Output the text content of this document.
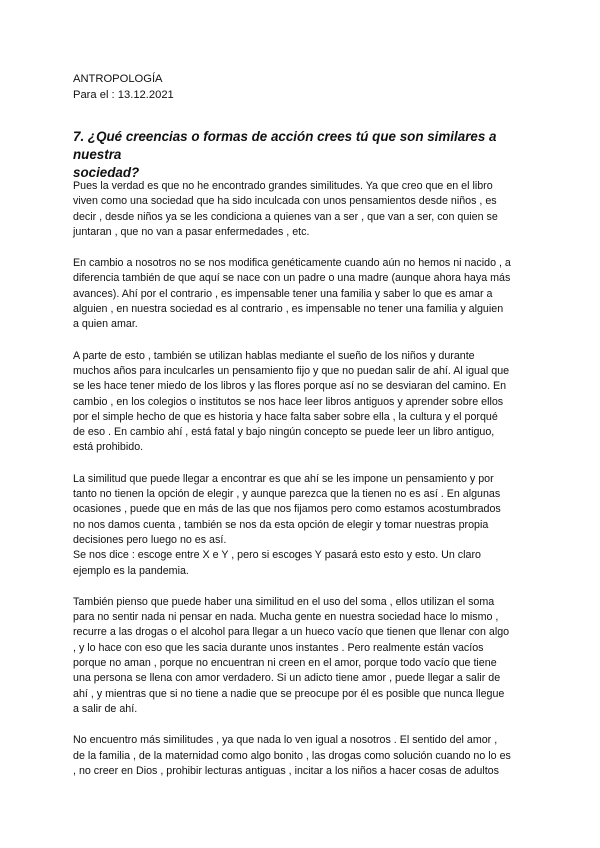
ANTROPOLOGÍA
Para el : 13.12.2021
7. ¿Qué creencias o formas de acción crees tú que son similares a nuestra
sociedad?
Pues la verdad es que no he encontrado grandes similitudes. Ya que creo que en el libro
viven como una sociedad que ha sido inculcada con unos pensamientos desde niños , es
decir , desde niños ya se les condiciona a quienes van a ser , que van a ser, con quien se
juntaran , que no van a pasar enfermedades , etc.
En cambio a nosotros no se nos modifica genéticamente cuando aún no hemos ni nacido , a
diferencia también de que aquí se nace con un padre o una madre (aunque ahora haya más
avances). Ahí por el contrario , es impensable tener una familia y saber lo que es amar a
alguien , en nuestra sociedad es al contrario , es impensable no tener una familia y alguien
a quien amar.
A parte de esto , también se utilizan hablas mediante el sueño de los niños y durante
muchos años para inculcarles un pensamiento fijo y que no puedan salir de ahí. Al igual que
se les hace tener miedo de los libros y las flores porque así no se desviaran del camino. En
cambio , en los colegios o institutos se nos hace leer libros antiguos y aprender sobre ellos
por el simple hecho de que es historia y hace falta saber sobre ella , la cultura y el porqué
de eso . En cambio ahí , está fatal y bajo ningún concepto se puede leer un libro antiguo,
está prohibido.
La similitud que puede llegar a encontrar es que ahí se les impone un pensamiento y por
tanto no tienen la opción de elegir , y aunque parezca que la tienen no es así . En algunas
ocasiones , puede que en más de las que nos fijamos pero como estamos acostumbrados
no nos damos cuenta , también se nos da esta opción de elegir y tomar nuestras propia
decisiones pero luego no es así.
Se nos dice : escoge entre X e Y , pero si escoges Y pasará esto esto y esto. Un claro
ejemplo es la pandemia.
También pienso que puede haber una similitud en el uso del soma , ellos utilizan el soma
para no sentir nada ni pensar en nada. Mucha gente en nuestra sociedad hace lo mismo ,
recurre a las drogas o el alcohol para llegar a un hueco vacío que tienen que llenar con algo
, y lo hace con eso que les sacia durante unos instantes . Pero realmente están vacíos
porque no aman , porque no encuentran ni creen en el amor, porque todo vacío que tiene
una persona se llena con amor verdadero. Si un adicto tiene amor , puede llegar a salir de
ahí , y mientras que si no tiene a nadie que se preocupe por él es posible que nunca llegue
a salir de ahí.
No encuentro más similitudes , ya que nada lo ven igual a nosotros . El sentido del amor ,
de la familia , de la maternidad como algo bonito , las drogas como solución cuando no lo es
, no creer en Dios , prohibir lecturas antiguas , incitar a los niños a hacer cosas de adultos
